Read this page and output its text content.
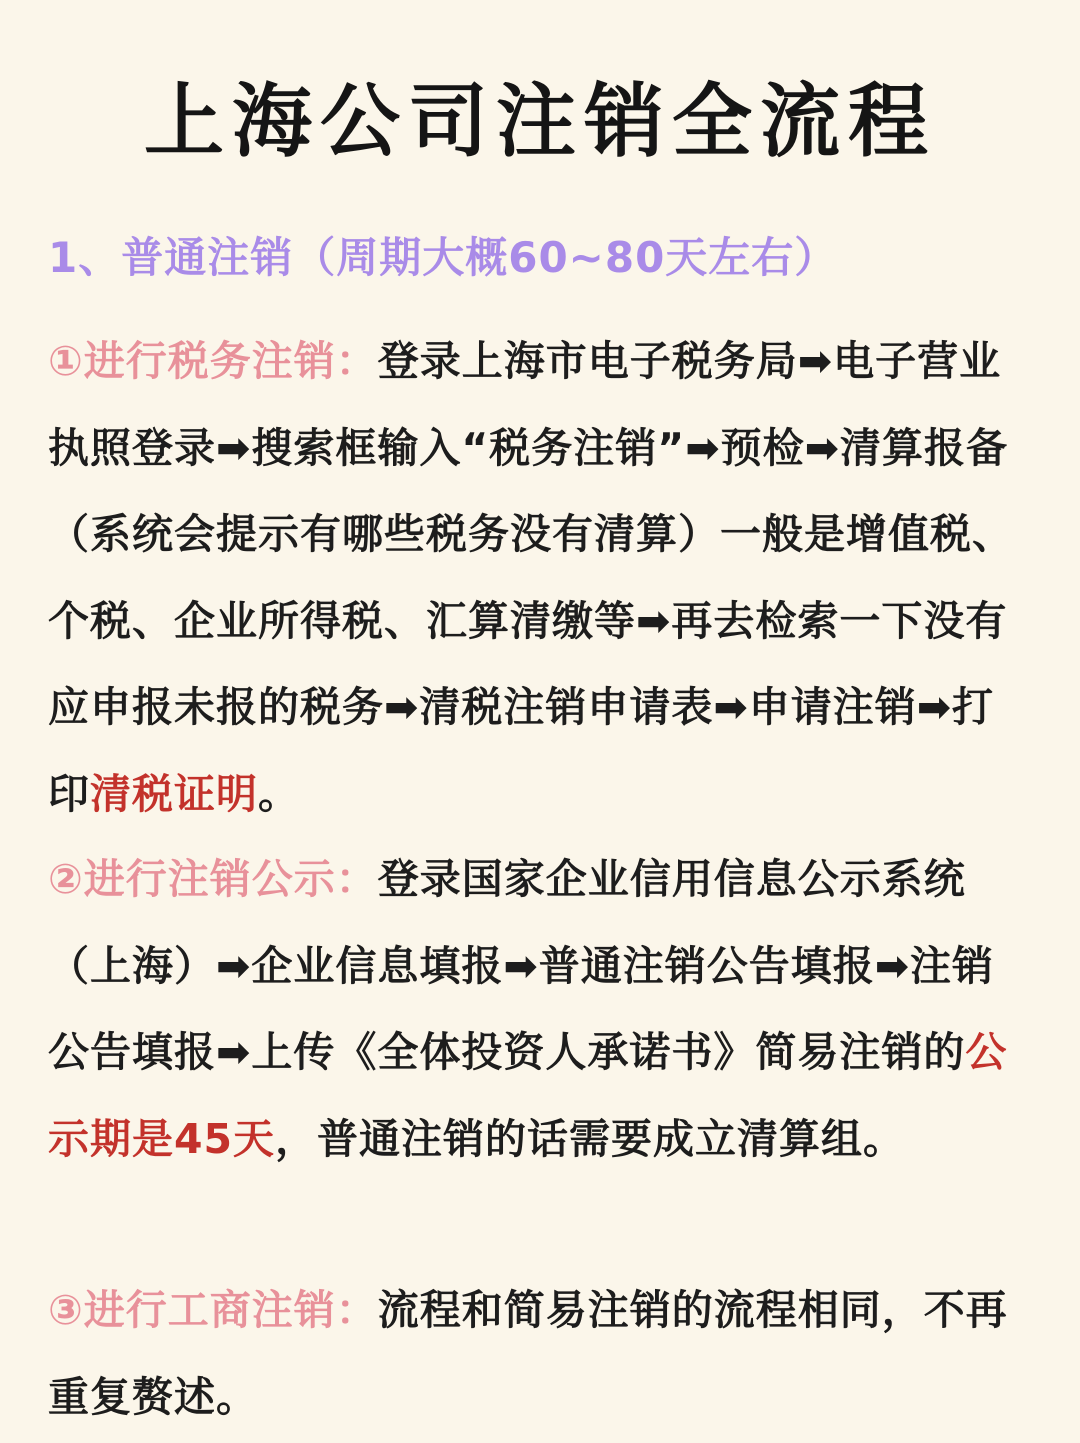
上海公司注销全流程
1、普通注销（周期大概60~80天左右）
①进行税务注销：登录上海市电子税务局➡电子营业执照登录➡搜索框输入“税务注销”➡预检➡清算报备（系统会提示有哪些税务没有清算）一般是增值税、个税、企业所得税、汇算清缴等➡再去检索一下没有应申报未报的税务➡清税注销申请表➡申请注销➡打印清税证明。
②进行注销公示：登录国家企业信用信息公示系统（上海）➡企业信息填报➡普通注销公告填报➡注销公告填报➡上传《全体投资人承诺书》简易注销的公示期是45天，普通注销的话需要成立清算组。
③进行工商注销：流程和简易注销的流程相同，不再重复赘述。
